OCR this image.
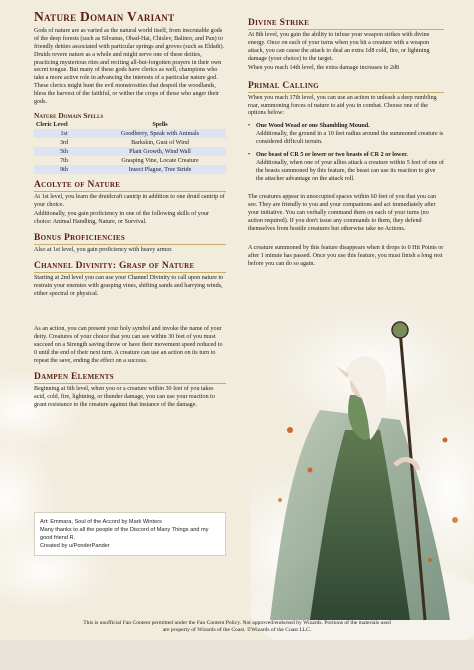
Nature Domain Variant

Gods of nature are as varied as the natural world itself, from inscrutable gods of the deep forests (such as Silvanus, Obad-Hai, Chislev, Balinor, and Pan) to friendly deities associated with particular springs and groves (such as Eldath). Druids revere nature as a whole and might serve one of these deities, practicing mysterious rites and reciting all-but-forgotten prayers in their own secret tongue. But many of these gods have clerics as well, champions who take a more active role in advancing the interests of a particular nature god. These clerics might hunt the evil monstrosities that despoil the woodlands, bless the harvest of the faithful, or wither the crops of those who anger their gods.

Nature Domain Spells
Cleric Level	Spells
1st	Goodberry, Speak with Animals
3rd	Barkskin, Gust of Wind
5th	Plant Growth, Wind Wall
7th	Grasping Vine, Locate Creature
9th	Insect Plague, Tree Stride
Acolyte of Nature

At 1st level, you learn the druidcraft cantrip in addition to one druid cantrip of your choice.

Additionally, you gain proficiency in one of the following skills of your choice: Animal Handling, Nature, or Survival.

Bonus Proficiencies

Also at 1st level, you gain proficiency with heavy armor.

Channel Divinity: Grasp of Nature

Starting at 2nd level you can use your Channel Divinity to call upon nature to restrain your enemies with grasping vines, shifting sands and harrying winds, either spectral or physical.

As an action, you can present your holy symbol and invoke the name of your deity. Creatures of your choice that you can see within 30 feet of you must succeed on a Strength saving throw or have their movement speed reduced to 0 until the end of their next turn. A creature can use an action on its turn to repeat the save, ending the effect on a success.

Dampen Elements

Beginning at 6th level, when you or a creature within 30 feet of you takes acid, cold, fire, lightning, or thunder damage, you can use your reaction to grant resistance to the creature against that instance of the damage.

Art: Emmara, Soul of the Accord by Mark Winters
Many thanks to all the people of the Discord of Many Things and my good friend R.
Created by u/PonderPander
Divine Strike

At 8th level, you gain the ability to infuse your weapon strikes with divine energy. Once on each of your turns when you hit a creature with a weapon attack, you can cause the attack to deal an extra 1d8 cold, fire, or lightning damage (your choice) to the target.

When you reach 14th level, the extra damage increases to 2d8

Primal Calling

When you reach 17th level, you can use an action to unleash a deep rumbling roar, summoning forces of nature to aid you in combat. Choose one of the options below:

• One Wood Woad or one Shambling Mound.
Additionally, the ground in a 10 feet radius around the summoned creature is considered difficult terrain.
• One beast of CR 5 or lower or two beasts of CR 2 or lower.
Additionally, when one of your allies attack a creature within 5 feet of one of the beasts summoned by this feature, the beast can use its reaction to give the attacker advantage on the attack roll.

The creatures appear in unoccupied spaces within 60 feet of you that you can see. They are friendly to you and your companions and act immediately after your initiative. You can verbally command them on each of your turns (no action required). If you don't issue any commands to them, they defend themselves from hostile creatures but otherwise take no Actions.

A creature summoned by this feature disappears when it drops to 0 Hit Points or after 1 minute has passed. Once you use this feature, you must finish a long rest before you can do so again.

This is unofficial Fan Content permitted under the Fan Content Policy. Not approved/endorsed by Wizards. Portions of the materials used
are property of Wizards of the Coast. ©Wizards of the Coast LLC.
